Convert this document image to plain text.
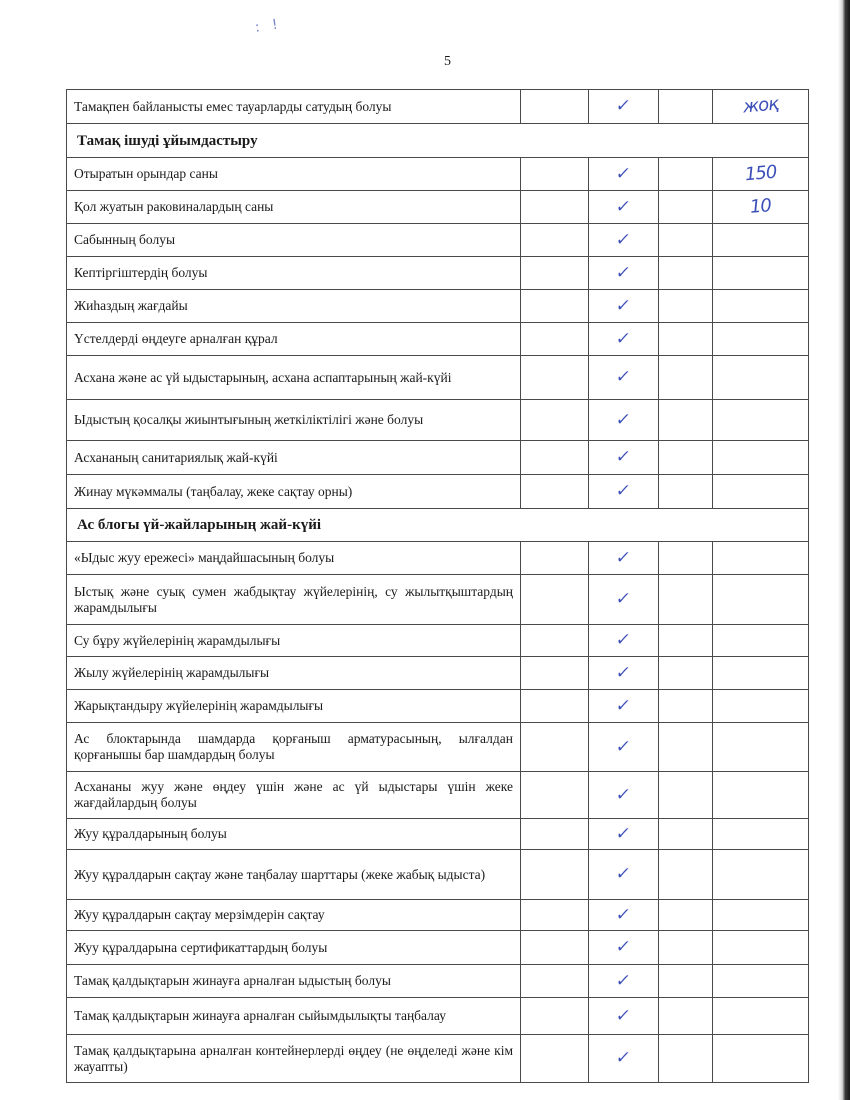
: !
5
Тамақпен байланысты емес тауарларды сатудың болуы		✓		жоқ
Тамақ ішуді ұйымдастыру				
Отыратын орындар саны		✓		150
Қол жуатын раковиналардың саны		✓		10
Сабынның болуы		✓		
Кептіргіштердің болуы		✓		
Жиһаздың жағдайы		✓		
Үстелдерді өңдеуге арналған құрал		✓		
Асхана және ас үй ыдыстарының, асхана аспаптарының жай-күйі		✓		
Ыдыстың қосалқы жиынтығының жеткіліктілігі және болуы		✓		
Асхананың санитариялық жай-күйі		✓		
Жинау мүкәммалы (таңбалау, жеке сақтау орны)		✓		
Ас блогы үй-жайларының жай-күйі				
«Ыдыс жуу ережесі» маңдайшасының болуы		✓		
Ыстық және суық сумен жабдықтау жүйелерінің, су жылытқыштардың жарамдылығы		✓		
Су бұру жүйелерінің жарамдылығы		✓		
Жылу жүйелерінің жарамдылығы		✓		
Жарықтандыру жүйелерінің жарамдылығы		✓		
Ас блоктарында шамдарда қорғаныш арматурасының, ылғалдан қорғанышы бар шамдардың болуы		✓		
Асхананы жуу және өңдеу үшін және ас үй ыдыстары үшін жеке жағдайлардың болуы		✓		
Жуу құралдарының болуы		✓		
Жуу құралдарын сақтау және таңбалау шарттары (жеке жабық ыдыста)		✓		
Жуу құралдарын сақтау мерзімдерін сақтау		✓		
Жуу құралдарына сертификаттардың болуы		✓		
Тамақ қалдықтарын жинауға арналған ыдыстың болуы		✓		
Тамақ қалдықтарын жинауға арналған сыйымдылықты таңбалау		✓		
Тамақ қалдықтарына арналған контейнерлерді өңдеу (не өңделеді және кім жауапты)		✓		
